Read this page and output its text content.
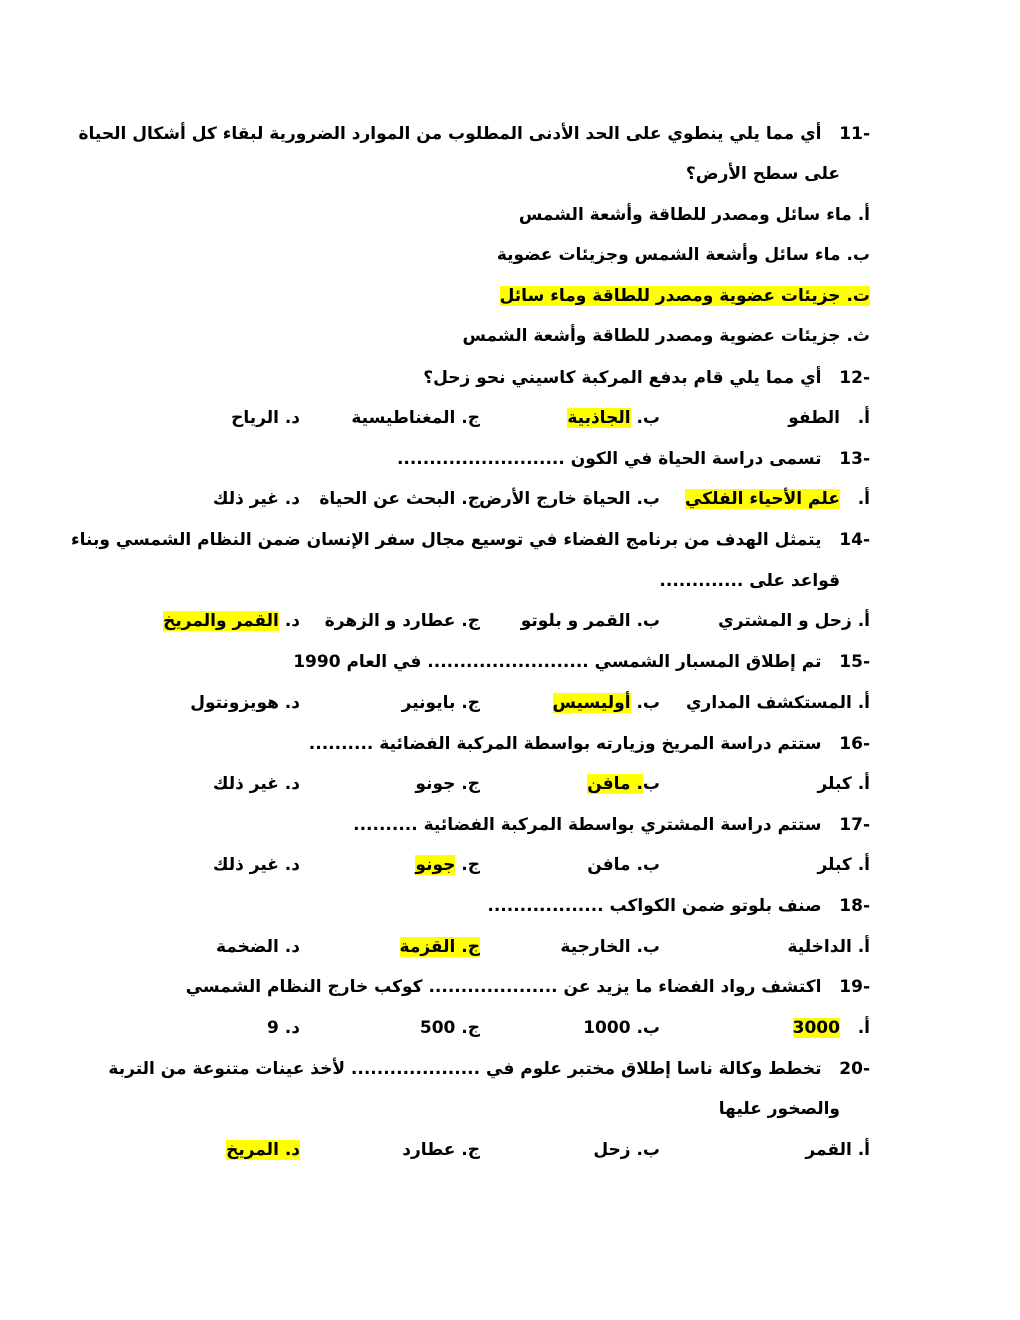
-11   أي مما يلي ينطوي على الحد الأدنى المطلوب من الموارد الضرورية لبقاء كل أشكال الحياة
على سطح الأرض؟
أ. ماء سائل ومصدر للطاقة وأشعة الشمس
ب. ماء سائل وأشعة الشمس وجزيئات عضوية
ت. جزيئات عضوية ومصدر للطاقة وماء سائل
ث. جزيئات عضوية ومصدر للطاقة وأشعة الشمس
-12   أي مما يلي قام بدفع المركبة كاسيني نحو زحل؟
أ.   الطفو
ب. الجاذبية
ج. المغناطيسية
د. الرياح
-13   تسمى دراسة الحياة في الكون ..........................
أ.   علم الأحياء الفلكي
ب. الحياة خارج الأرض
ج. البحث عن الحياة
د. غير ذلك
-14   يتمثل الهدف من برنامج الفضاء في توسيع مجال سفر الإنسان ضمن النظام الشمسي وبناء
قواعد على .............
أ. زحل و المشتري
ب. القمر و بلوتو
ج. عطارد و الزهرة
د. القمر والمريخ
-15   تم إطلاق المسبار الشمسي ......................... في العام 1990
أ. المستكشف المداري
ب. أوليسيس
ج. بايونير
د. هويزونتول
-16   ستتم دراسة المريخ وزيارته بواسطة المركبة الفضائية ..........
أ. كبلر
ب. مافن
ج. جونو
د. غير ذلك
-17   ستتم دراسة المشتري بواسطة المركبة الفضائية ..........
أ. كبلر
ب. مافن
ج. جونو
د. غير ذلك
-18   صنف بلوتو ضمن الكواكب ..................
أ. الداخلية
ب. الخارجية
ج. القزمة
د. الضخمة
-19   اكتشف رواد الفضاء ما يزيد عن .................... كوكب خارج النظام الشمسي
أ.   3000
ب. 1000
ج. 500
د. 9
-20   تخطط وكالة ناسا إطلاق مختبر علوم في .................... لأخذ عينات متنوعة من التربة
والصخور عليها
أ. القمر
ب. زحل
ج. عطارد
د. المريخ
